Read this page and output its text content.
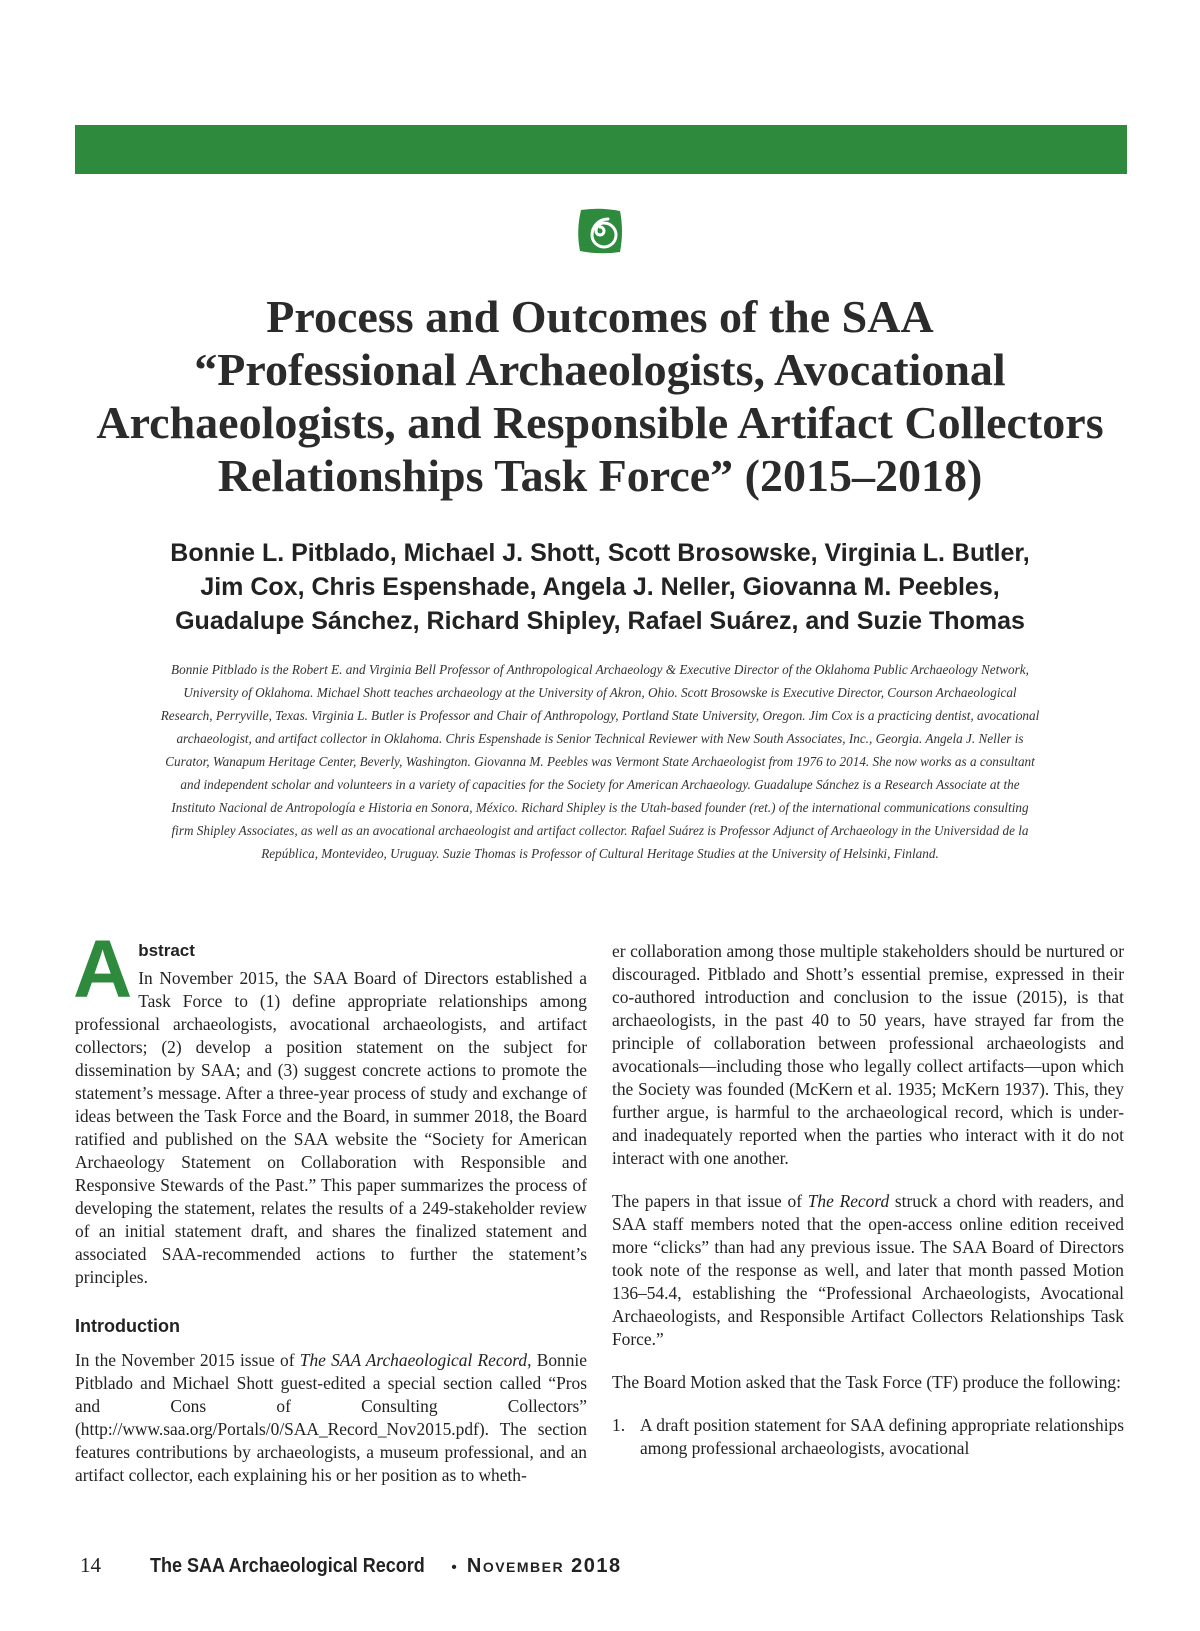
Process and Outcomes of the SAA
“Professional Archaeologists, Avocational
Archaeologists, and Responsible Artifact Collectors
Relationships Task Force” (2015–2018)
Bonnie L. Pitblado, Michael J. Shott, Scott Brosowske, Virginia L. Butler,
Jim Cox, Chris Espenshade, Angela J. Neller, Giovanna M. Peebles,
Guadalupe Sánchez, Richard Shipley, Rafael Suárez, and Suzie Thomas
Bonnie Pitblado is the Robert E. and Virginia Bell Professor of Anthropological Archaeology & Executive Director of the Oklahoma Public Archaeology Network,
University of Oklahoma. Michael Shott teaches archaeology at the University of Akron, Ohio. Scott Brosowske is Executive Director, Courson Archaeological
Research, Perryville, Texas. Virginia L. Butler is Professor and Chair of Anthropology, Portland State University, Oregon. Jim Cox is a practicing dentist, avocational
archaeologist, and artifact collector in Oklahoma. Chris Espenshade is Senior Technical Reviewer with New South Associates, Inc., Georgia. Angela J. Neller is
Curator, Wanapum Heritage Center, Beverly, Washington. Giovanna M. Peebles was Vermont State Archaeologist from 1976 to 2014. She now works as a consultant
and independent scholar and volunteers in a variety of capacities for the Society for American Archaeology. Guadalupe Sánchez is a Research Associate at the
Instituto Nacional de Antropología e Historia en Sonora, México. Richard Shipley is the Utah-based founder (ret.) of the international communications consulting
firm Shipley Associates, as well as an avocational archaeologist and artifact collector. Rafael Suárez is Professor Adjunct of Archaeology in the Universidad de la
República, Montevideo, Uruguay. Suzie Thomas is Professor of Cultural Heritage Studies at the University of Helsinki, Finland.
A bstract

In November 2015, the SAA Board of Directors established a Task Force to (1) define appropriate relationships among professional archaeologists, avocational archaeologists, and artifact collectors; (2) develop a position statement on the subject for dissemination by SAA; and (3) suggest concrete actions to promote the statement’s message. After a three-year process of study and exchange of ideas between the Task Force and the Board, in summer 2018, the Board ratified and published on the SAA website the “Society for American Archaeology Statement on Collaboration with Responsible and Responsive Stewards of the Past.” This paper summarizes the process of developing the statement, relates the results of a 249-stakeholder review of an initial statement draft, and shares the finalized statement and associated SAA-recommended actions to further the statement’s principles.

Introduction

In the November 2015 issue of The SAA Archaeological Record, Bonnie Pitblado and Michael Shott guest-edited a special section called “Pros and Cons of Consulting Collectors” (http://www.saa.org/Portals/0/SAA_Record_Nov2015.pdf). The section features contributions by archaeologists, a museum professional, and an artifact collector, each explaining his or her position as to wheth-

er collaboration among those multiple stakeholders should be nurtured or discouraged. Pitblado and Shott’s essential premise, expressed in their co-authored introduction and conclusion to the issue (2015), is that archaeologists, in the past 40 to 50 years, have strayed far from the principle of collaboration between professional archaeologists and avocationals—including those who legally collect artifacts—upon which the Society was founded (McKern et al. 1935; McKern 1937). This, they further argue, is harmful to the archaeological record, which is under- and inadequately reported when the parties who interact with it do not interact with one another.

The papers in that issue of The Record struck a chord with readers, and SAA staff members noted that the open-access online edition received more “clicks” than had any previous issue. The SAA Board of Directors took note of the response as well, and later that month passed Motion 136–54.4, establishing the “Professional Archaeologists, Avocational Archaeologists, and Responsible Artifact Collectors Relationships Task Force.”

The Board Motion asked that the Task Force (TF) produce the following:

1. A draft position statement for SAA defining appropriate relationships among professional archaeologists, avocational

14	The SAA Archaeological Record • November 2018
